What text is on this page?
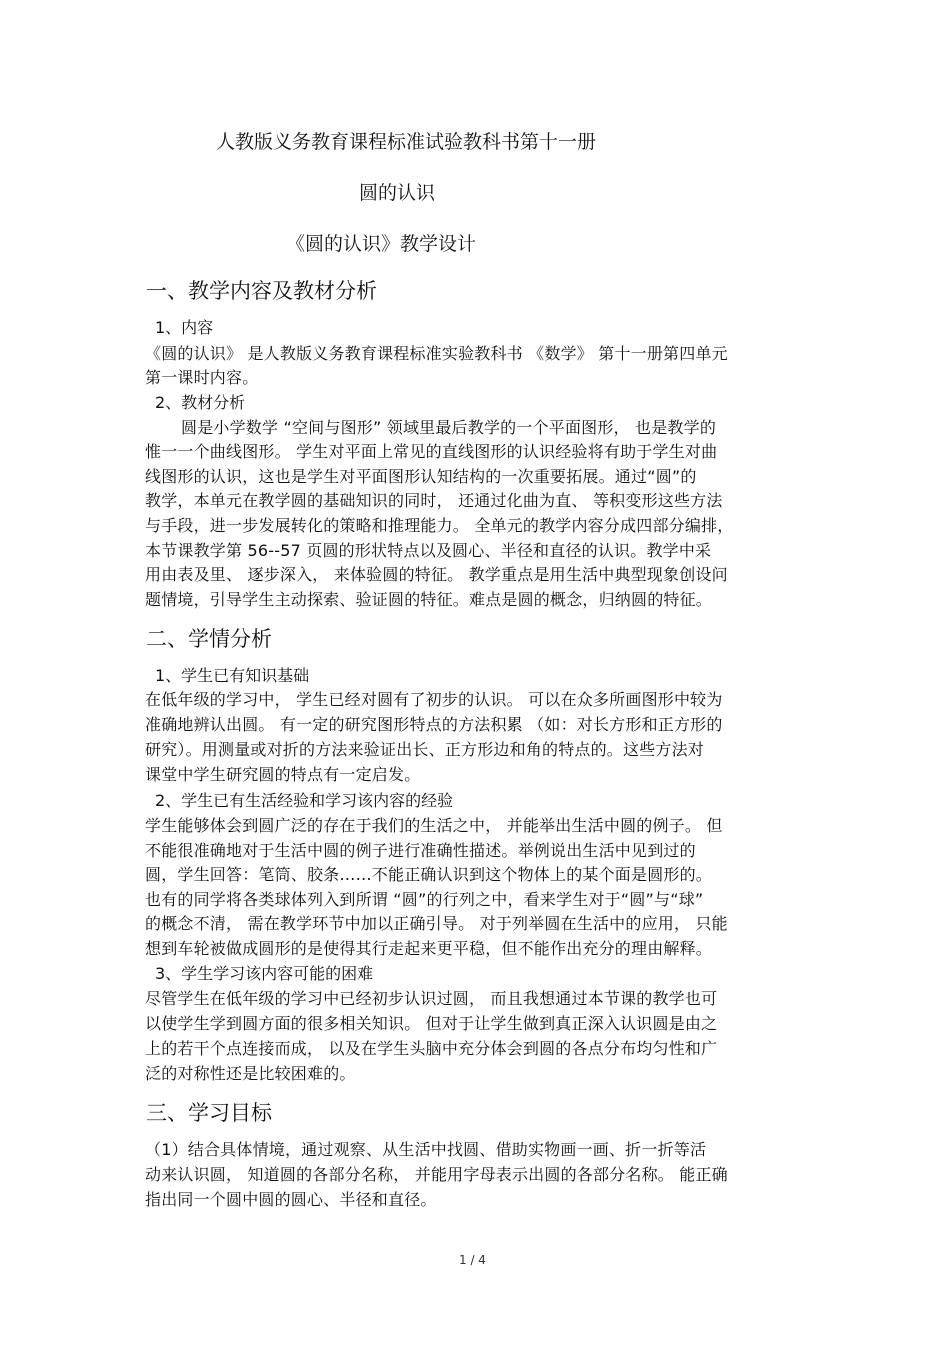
人教版义务教育课程标准试验教科书第十一册
圆的认识
《圆的认识》教学设计
一、教学内容及教材分析
1、内容
《圆的认识》 是人教版义务教育课程标准实验教科书 《数学》 第十一册第四单元
第一课时内容。
2、教材分析
圆是小学数学 “空间与图形” 领域里最后教学的一个平面图形， 也是教学的
惟一一个曲线图形。 学生对平面上常见的直线图形的认识经验将有助于学生对曲
线图形的认识，这也是学生对平面图形认知结构的一次重要拓展。通过“圆”的
教学，本单元在教学圆的基础知识的同时， 还通过化曲为直、 等积变形这些方法
与手段，进一步发展转化的策略和推理能力。 全单元的教学内容分成四部分编排，
本节课教学第 56--57 页圆的形状特点以及圆心、半径和直径的认识。教学中采
用由表及里、 逐步深入， 来体验圆的特征。 教学重点是用生活中典型现象创设问
题情境，引导学生主动探索、验证圆的特征。难点是圆的概念，归纳圆的特征。
二、学情分析
1、学生已有知识基础
在低年级的学习中， 学生已经对圆有了初步的认识。 可以在众多所画图形中较为
准确地辨认出圆。 有一定的研究图形特点的方法积累 （如：对长方形和正方形的
研究）。用测量或对折的方法来验证出长、正方形边和角的特点的。这些方法对
课堂中学生研究圆的特点有一定启发。
2、学生已有生活经验和学习该内容的经验
学生能够体会到圆广泛的存在于我们的生活之中， 并能举出生活中圆的例子。 但
不能很准确地对于生活中圆的例子进行准确性描述。举例说出生活中见到过的
圆，学生回答：笔筒、胶条……不能正确认识到这个物体上的某个面是圆形的。
也有的同学将各类球体列入到所谓 “圆”的行列之中，看来学生对于“圆”与“球”
的概念不清， 需在教学环节中加以正确引导。 对于列举圆在生活中的应用， 只能
想到车轮被做成圆形的是使得其行走起来更平稳，但不能作出充分的理由解释。
3、学生学习该内容可能的困难
尽管学生在低年级的学习中已经初步认识过圆， 而且我想通过本节课的教学也可
以使学生学到圆方面的很多相关知识。 但对于让学生做到真正深入认识圆是由之
上的若干个点连接而成， 以及在学生头脑中充分体会到圆的各点分布均匀性和广
泛的对称性还是比较困难的。
三、学习目标
（1）结合具体情境，通过观察、从生活中找圆、借助实物画一画、折一折等活
动来认识圆， 知道圆的各部分名称， 并能用字母表示出圆的各部分名称。 能正确
指出同一个圆中圆的圆心、半径和直径。
1 / 4
